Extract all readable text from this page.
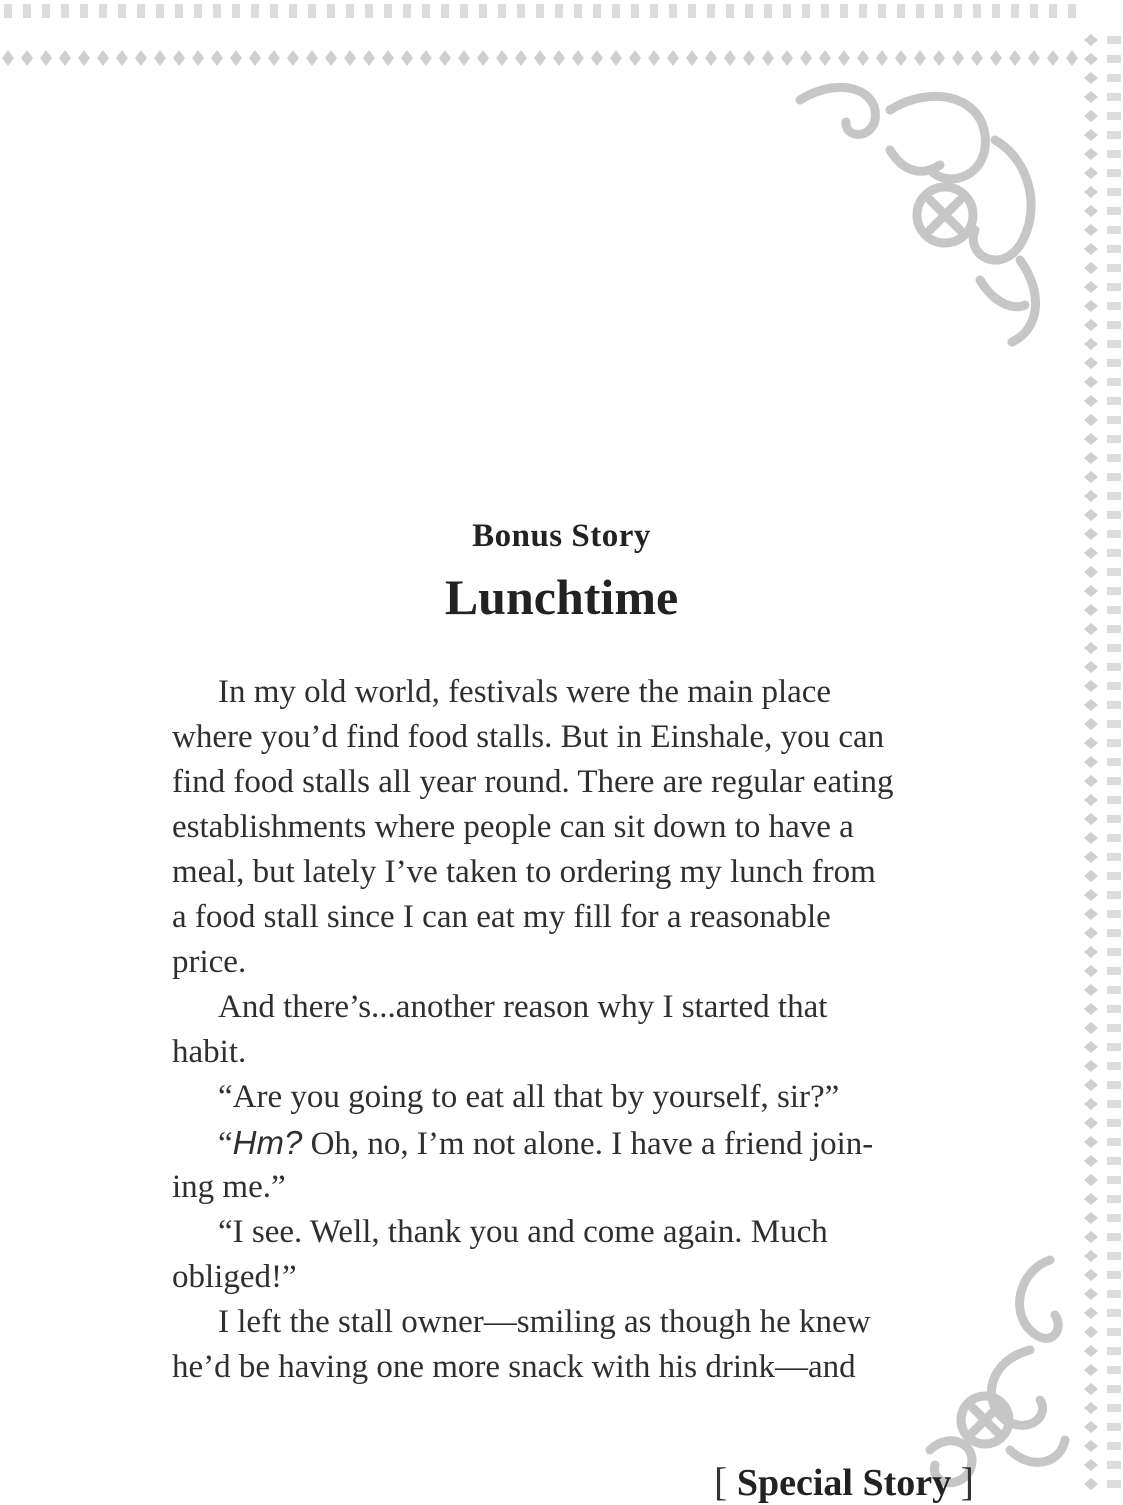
Bonus Story
Lunchtime
In my old world, festivals were the main place
where you’d find food stalls. But in Einshale, you can
find food stalls all year round. There are regular eating
establishments where people can sit down to have a
meal, but lately I’ve taken to ordering my lunch from
a food stall since I can eat my fill for a reasonable
price.
And there’s...another reason why I started that
habit.
“Are you going to eat all that by yourself, sir?”
“Hm? Oh, no, I’m not alone. I have a friend join-
ing me.”
“I see. Well, thank you and come again. Much
obliged!”
I left the stall owner—smiling as though he knew
he’d be having one more snack with his drink—and
[ Special Story ]
